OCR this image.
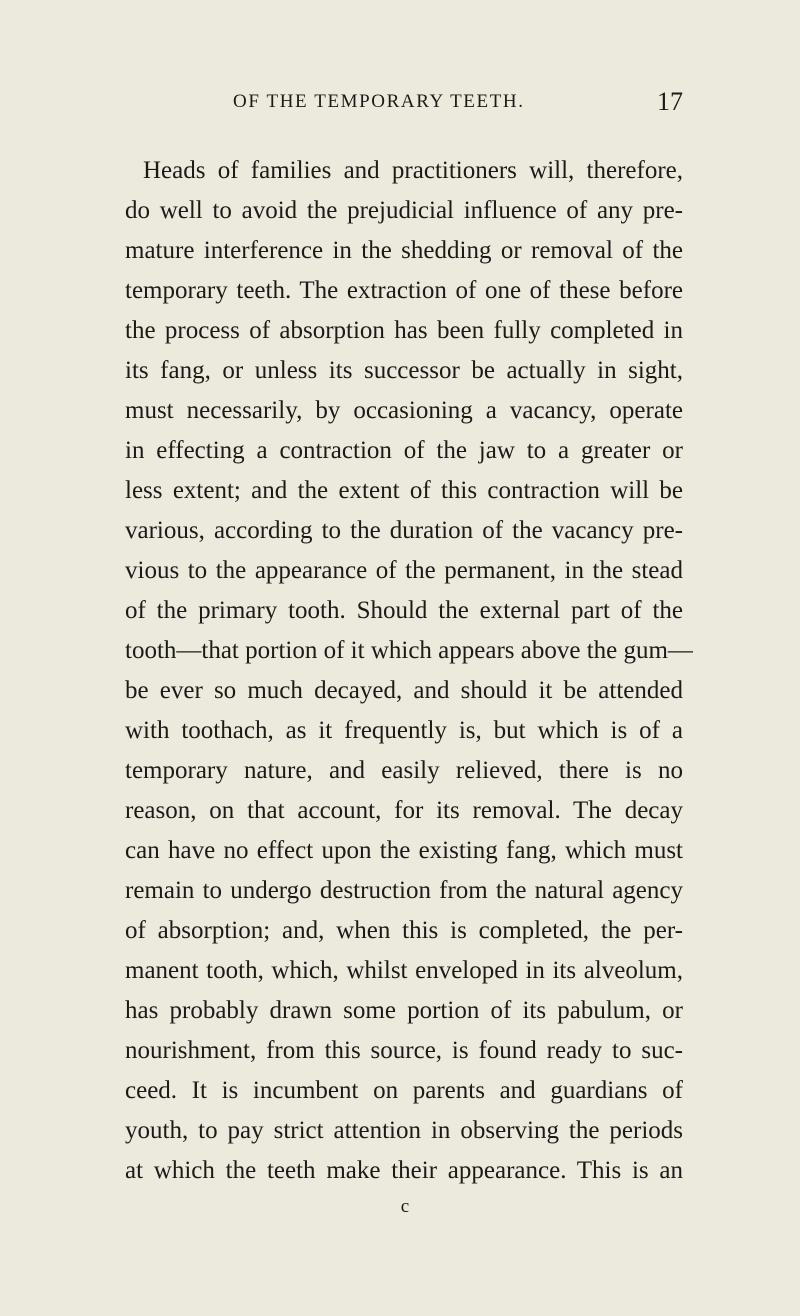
OF THE TEMPORARY TEETH.	17
Heads of families and practitioners will, therefore,
do well to avoid the prejudicial influence of any pre-
mature interference in the shedding or removal of the
temporary teeth. The extraction of one of these before
the process of absorption has been fully completed in
its fang, or unless its successor be actually in sight,
must necessarily, by occasioning a vacancy, operate
in effecting a contraction of the jaw to a greater or
less extent; and the extent of this contraction will be
various, according to the duration of the vacancy pre-
vious to the appearance of the permanent, in the stead
of the primary tooth. Should the external part of the
tooth—that portion of it which appears above the gum—
be ever so much decayed, and should it be attended
with toothach, as it frequently is, but which is of a
temporary nature, and easily relieved, there is no
reason, on that account, for its removal. The decay
can have no effect upon the existing fang, which must
remain to undergo destruction from the natural agency
of absorption; and, when this is completed, the per-
manent tooth, which, whilst enveloped in its alveolum,
has probably drawn some portion of its pabulum, or
nourishment, from this source, is found ready to suc-
ceed. It is incumbent on parents and guardians of
youth, to pay strict attention in observing the periods
at which the teeth make their appearance. This is an
c
